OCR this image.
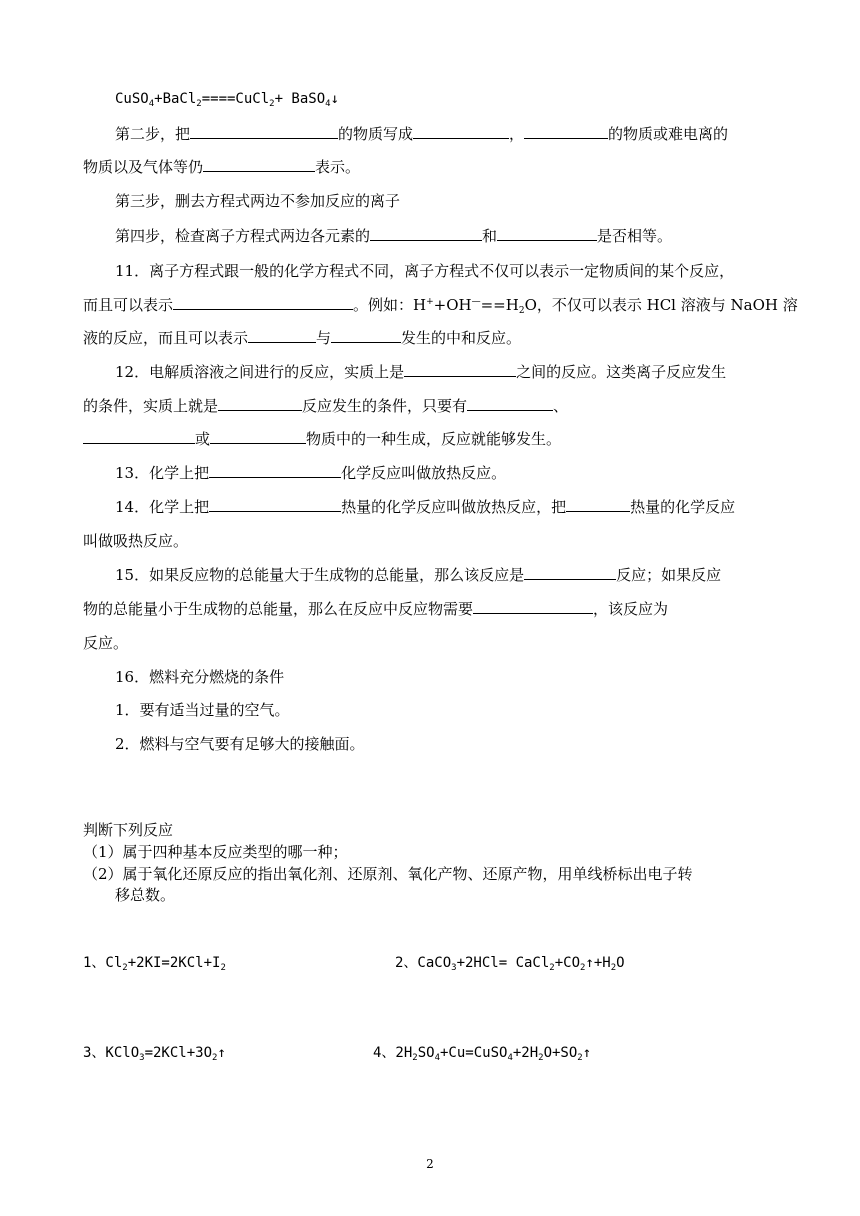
CuSO$_4$+BaCl$_2$====CuCl$_2$+ BaSO$_4$↓
第二步，把	的物质写成	，	的物质或难电离的
物质以及气体等仍	表示。
第三步，删去方程式两边不参加反应的离子
第四步，检查离子方程式两边各元素的	和	是否相等。
11．离子方程式跟一般的化学方程式不同，离子方程式不仅可以表示一定物质间的某个反应，
而且可以表示	。例如：$H^++OH^—==H_2O$，不仅可以表示 HCl 溶液与 NaOH 溶
液的反应，而且可以表示	与	发生的中和反应。
12．电解质溶液之间进行的反应，实质上是	之间的反应。这类离子反应发生
的条件，实质上就是	反应发生的条件，只要有	、
或	物质中的一种生成，反应就能够发生。
13．化学上把	化学反应叫做放热反应。
14．化学上把	热量的化学反应叫做放热反应，把	热量的化学反应
叫做吸热反应。
15．如果反应物的总能量大于生成物的总能量，那么该反应是	反应；如果反应
物的总能量小于生成物的总能量，那么在反应中反应物需要	，该反应为
反应。
16．燃料充分燃烧的条件
1．要有适当过量的空气。
2．燃料与空气要有足够大的接触面。
判断下列反应
（1）属于四种基本反应类型的哪一种；
（2）属于氧化还原反应的指出氧化剂、还原剂、氧化产物、还原产物，用单线桥标出电子转
移总数。
1、$Cl_2+2KI=2KCl+I_2$	2、CaCO$_3$+2HCl= $CaCl_2+CO_2↑+H_2O$
3、$KClO_3=2KCl+3O_2↑$	4、$2H_2SO_4+Cu=CuSO_4+2H_2O+SO_2↑$
2
